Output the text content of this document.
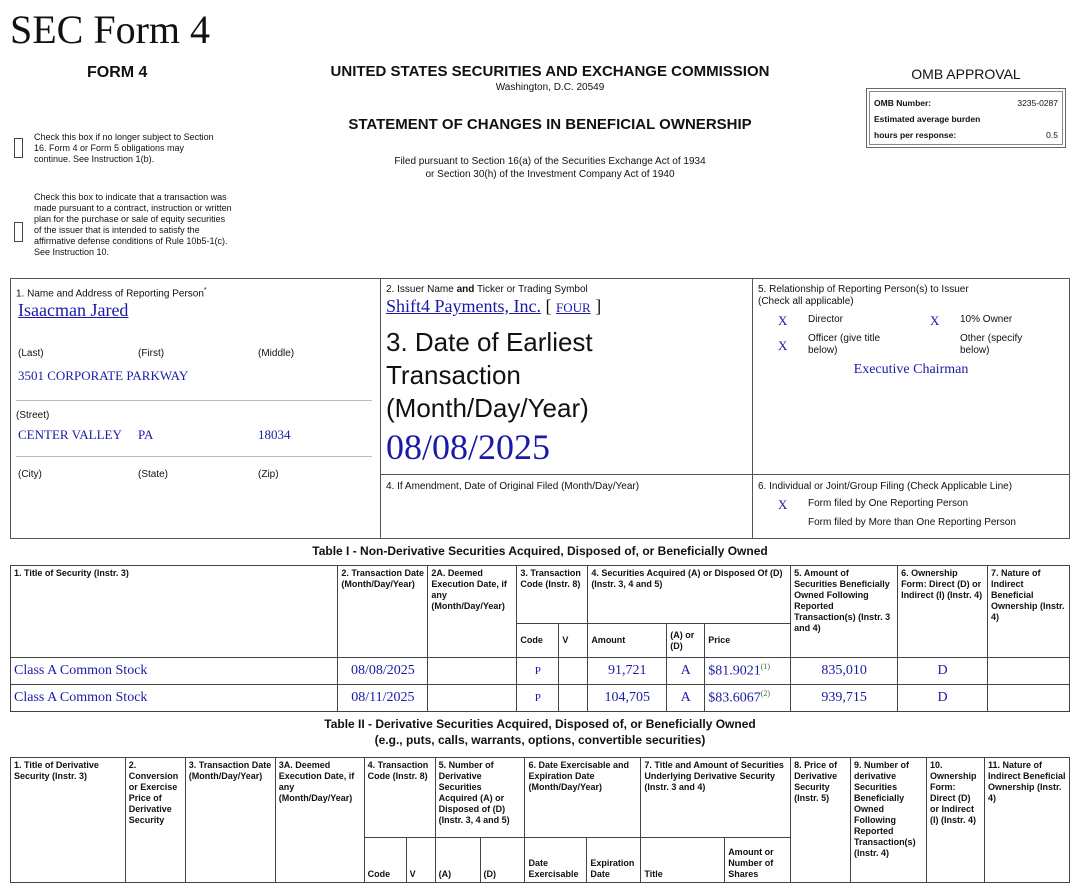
SEC Form 4
FORM 4	UNITED STATES SECURITIES AND EXCHANGE COMMISSION
Washington, D.C. 20549
STATEMENT OF CHANGES IN BENEFICIAL OWNERSHIP
Filed pursuant to Section 16(a) of the Securities Exchange Act of 1934
or Section 30(h) of the Investment Company Act of 1940
OMB APPROVAL
OMB Number:	3235-0287
Estimated average burden
hours per response:	0.5
Check this box if no longer subject to Section 16. Form 4 or Form 5 obligations may continue. See Instruction 1(b).
Check this box to indicate that a transaction was made pursuant to a contract, instruction or written plan for the purchase or sale of equity securities of the issuer that is intended to satisfy the affirmative defense conditions of Rule 10b5-1(c). See Instruction 10.
1. Name and Address of Reporting Person*
Isaacman Jared
(Last)	(First)	(Middle)
3501 CORPORATE PARKWAY
(Street)
CENTER VALLEY PA	18034
(City)	(State)	(Zip)
2. Issuer Name and Ticker or Trading Symbol
Shift4 Payments, Inc. [ FOUR ]
3. Date of Earliest Transaction (Month/Day/Year)
08/08/2025
4. If Amendment, Date of Original Filed (Month/Day/Year)
5. Relationship of Reporting Person(s) to Issuer
(Check all applicable)
X Director	X 10% Owner
X Officer (give title below)
Other (specify below)
Executive Chairman
6. Individual or Joint/Group Filing (Check Applicable Line)
X Form filed by One Reporting Person
Form filed by More than One Reporting Person
Table I - Non-Derivative Securities Acquired, Disposed of, or Beneficially Owned
1. Title of Security (Instr. 3)	2. Transaction Date (Month/Day/Year)	2A. Deemed Execution Date, if any (Month/Day/Year)	3. Transaction Code (Instr. 8)		4. Securities Acquired (A) or Disposed Of (D) (Instr. 3, 4 and 5)			5. Amount of Securities Beneficially Owned Following Reported Transaction(s) (Instr. 3 and 4)	6. Ownership Form: Direct (D) or Indirect (I) (Instr. 4)	7. Nature of Indirect Beneficial Ownership (Instr. 4)
			Code	V	Amount	(A) or (D)	Price			
Class A Common Stock	08/08/2025		P		91,721	A	$81.9021$^{(1)}$	835,010	D	
Class A Common Stock	08/11/2025		P		104,705	A	$83.6067$^{(2)}$	939,715	D	
Table II - Derivative Securities Acquired, Disposed of, or Beneficially Owned
(e.g., puts, calls, warrants, options, convertible securities)
1. Title of Derivative Security (Instr. 3)	2. Conversion or Exercise Price of Derivative Security	3. Transaction Date (Month/Day/Year)	3A. Deemed Execution Date, if any (Month/Day/Year)	4. Transaction Code (Instr. 8)		5. Number of Derivative Securities Acquired (A) or Disposed of (D) (Instr. 3, 4 and 5)		6. Date Exercisable and Expiration Date (Month/Day/Year)		7. Title and Amount of Securities Underlying Derivative Security (Instr. 3 and 4)		8. Price of Derivative Security (Instr. 5)	9. Number of derivative Securities Beneficially Owned Following Reported Transaction(s) (Instr. 4)	10. Ownership Form: Direct (D) or Indirect (I) (Instr. 4)	11. Nature of Indirect Beneficial Ownership (Instr. 4)
				Code	V	(A)	(D)	Date Exercisable	Expiration Date	Title	Amount or Number of Shares				
